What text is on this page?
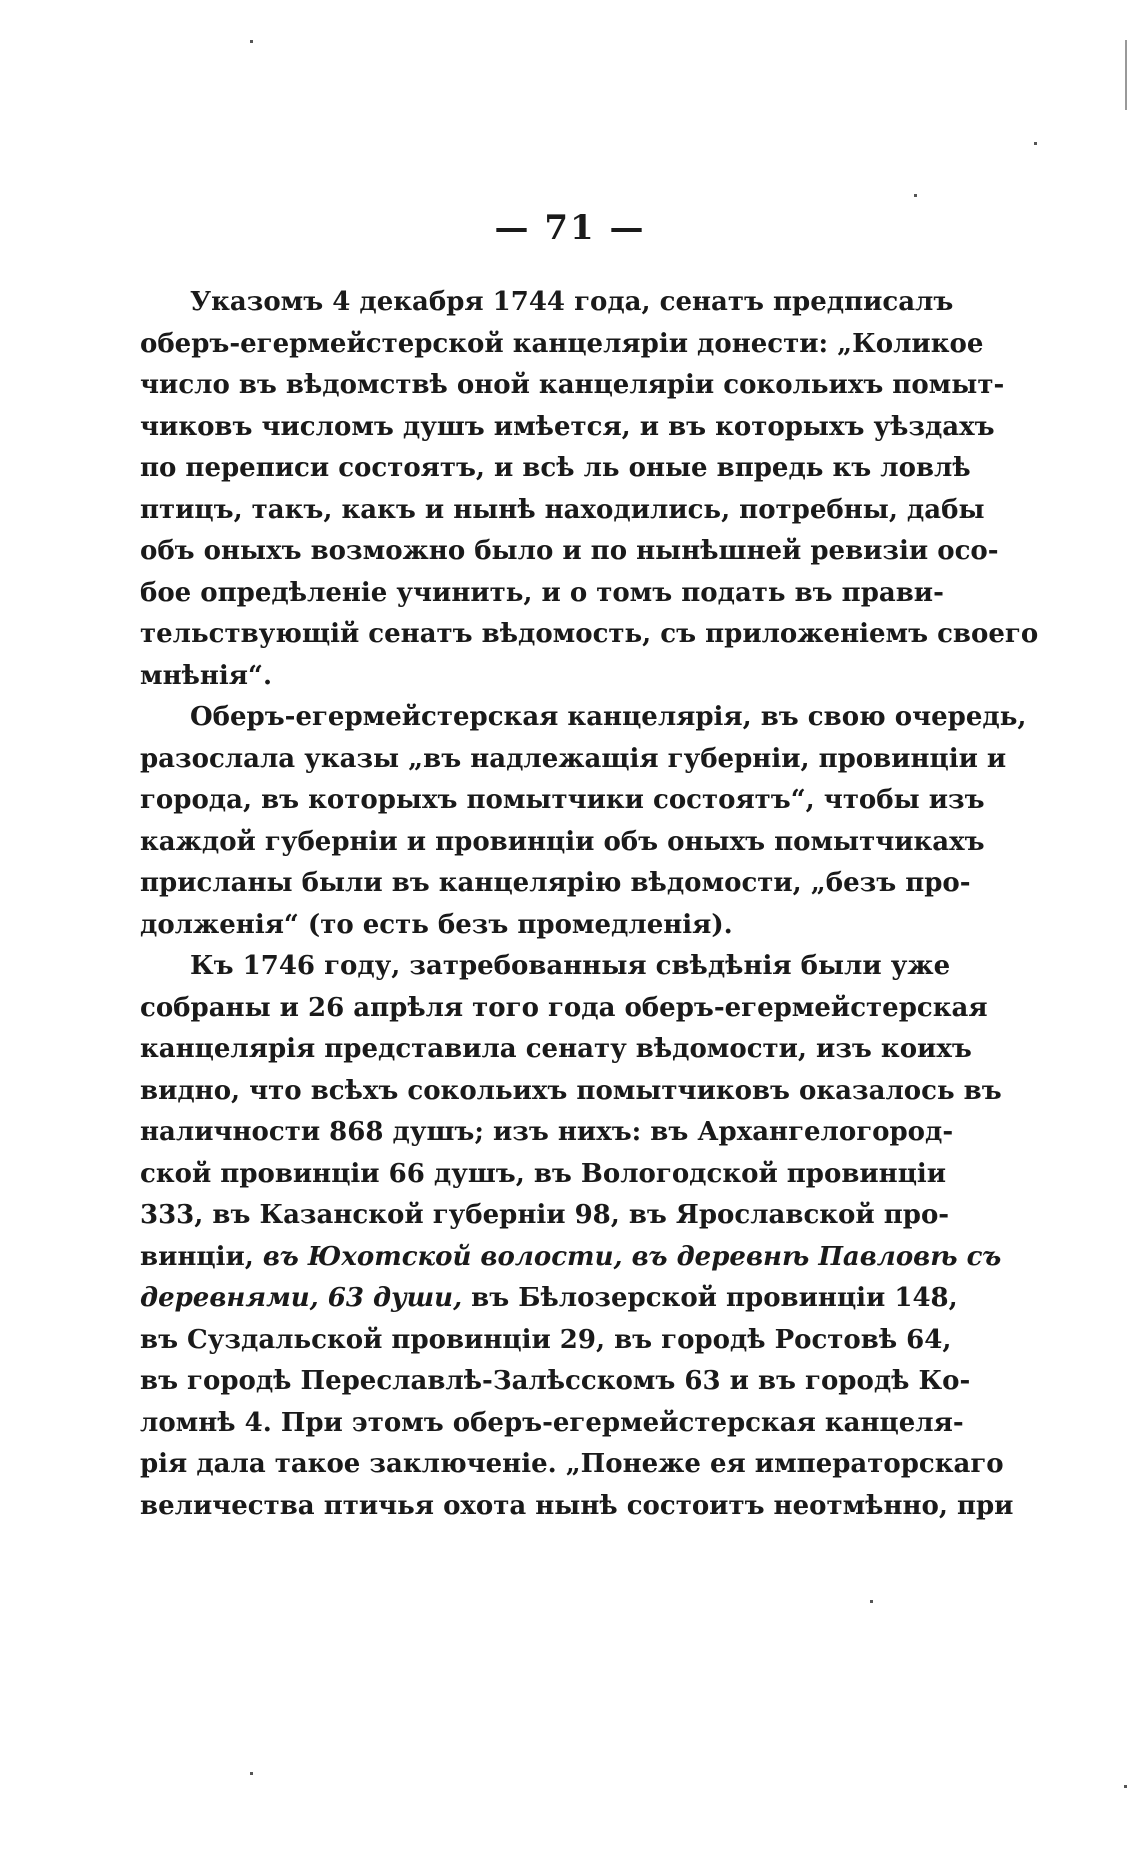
— 71 —
Указомъ 4 декабря 1744 года, сенатъ предписалъ
оберъ-егермейстерской канцеляріи донести: „Коликое
число въ вѣдомствѣ оной канцеляріи сокольихъ помыт-
чиковъ числомъ душъ имѣется, и въ которыхъ уѣздахъ
по переписи состоятъ, и всѣ ль оные впредь къ ловлѣ
птицъ, такъ, какъ и нынѣ находились, потребны, дабы
объ оныхъ возможно было и по нынѣшней ревизіи осо-
бое опредѣленіе учинить, и о томъ подать въ прави-
тельствующій сенатъ вѣдомость, съ приложеніемъ своего
мнѣнія“.
Оберъ-егермейстерская канцелярія, въ свою очередь,
разослала указы „въ надлежащія губерніи, провинціи и
города, въ которыхъ помытчики состоятъ“, чтобы изъ
каждой губерніи и провинціи объ оныхъ помытчикахъ
присланы были въ канцелярію вѣдомости, „безъ про-
долженія“ (то есть безъ промедленія).
Къ 1746 году, затребованныя свѣдѣнія были уже
собраны и 26 апрѣля того года оберъ-егермейстерская
канцелярія представила сенату вѣдомости, изъ коихъ
видно, что всѣхъ сокольихъ помытчиковъ оказалось въ
наличности 868 душъ; изъ нихъ: въ Архангелогород-
ской провинціи 66 душъ, въ Вологодской провинціи
333, въ Казанской губерніи 98, въ Ярославской про-
винціи, въ Юхотской волости, въ деревнѣ Павловѣ съ
деревнями, 63 души, въ Бѣлозерской провинціи 148,
въ Суздальской провинціи 29, въ городѣ Ростовѣ 64,
въ городѣ Переславлѣ-Залѣсскомъ 63 и въ городѣ Ко-
ломнѣ 4. При этомъ оберъ-егермейстерская канцеля-
рія дала такое заключеніе. „Понеже ея императорскаго
величества птичья охота нынѣ состоитъ неотмѣнно, при
